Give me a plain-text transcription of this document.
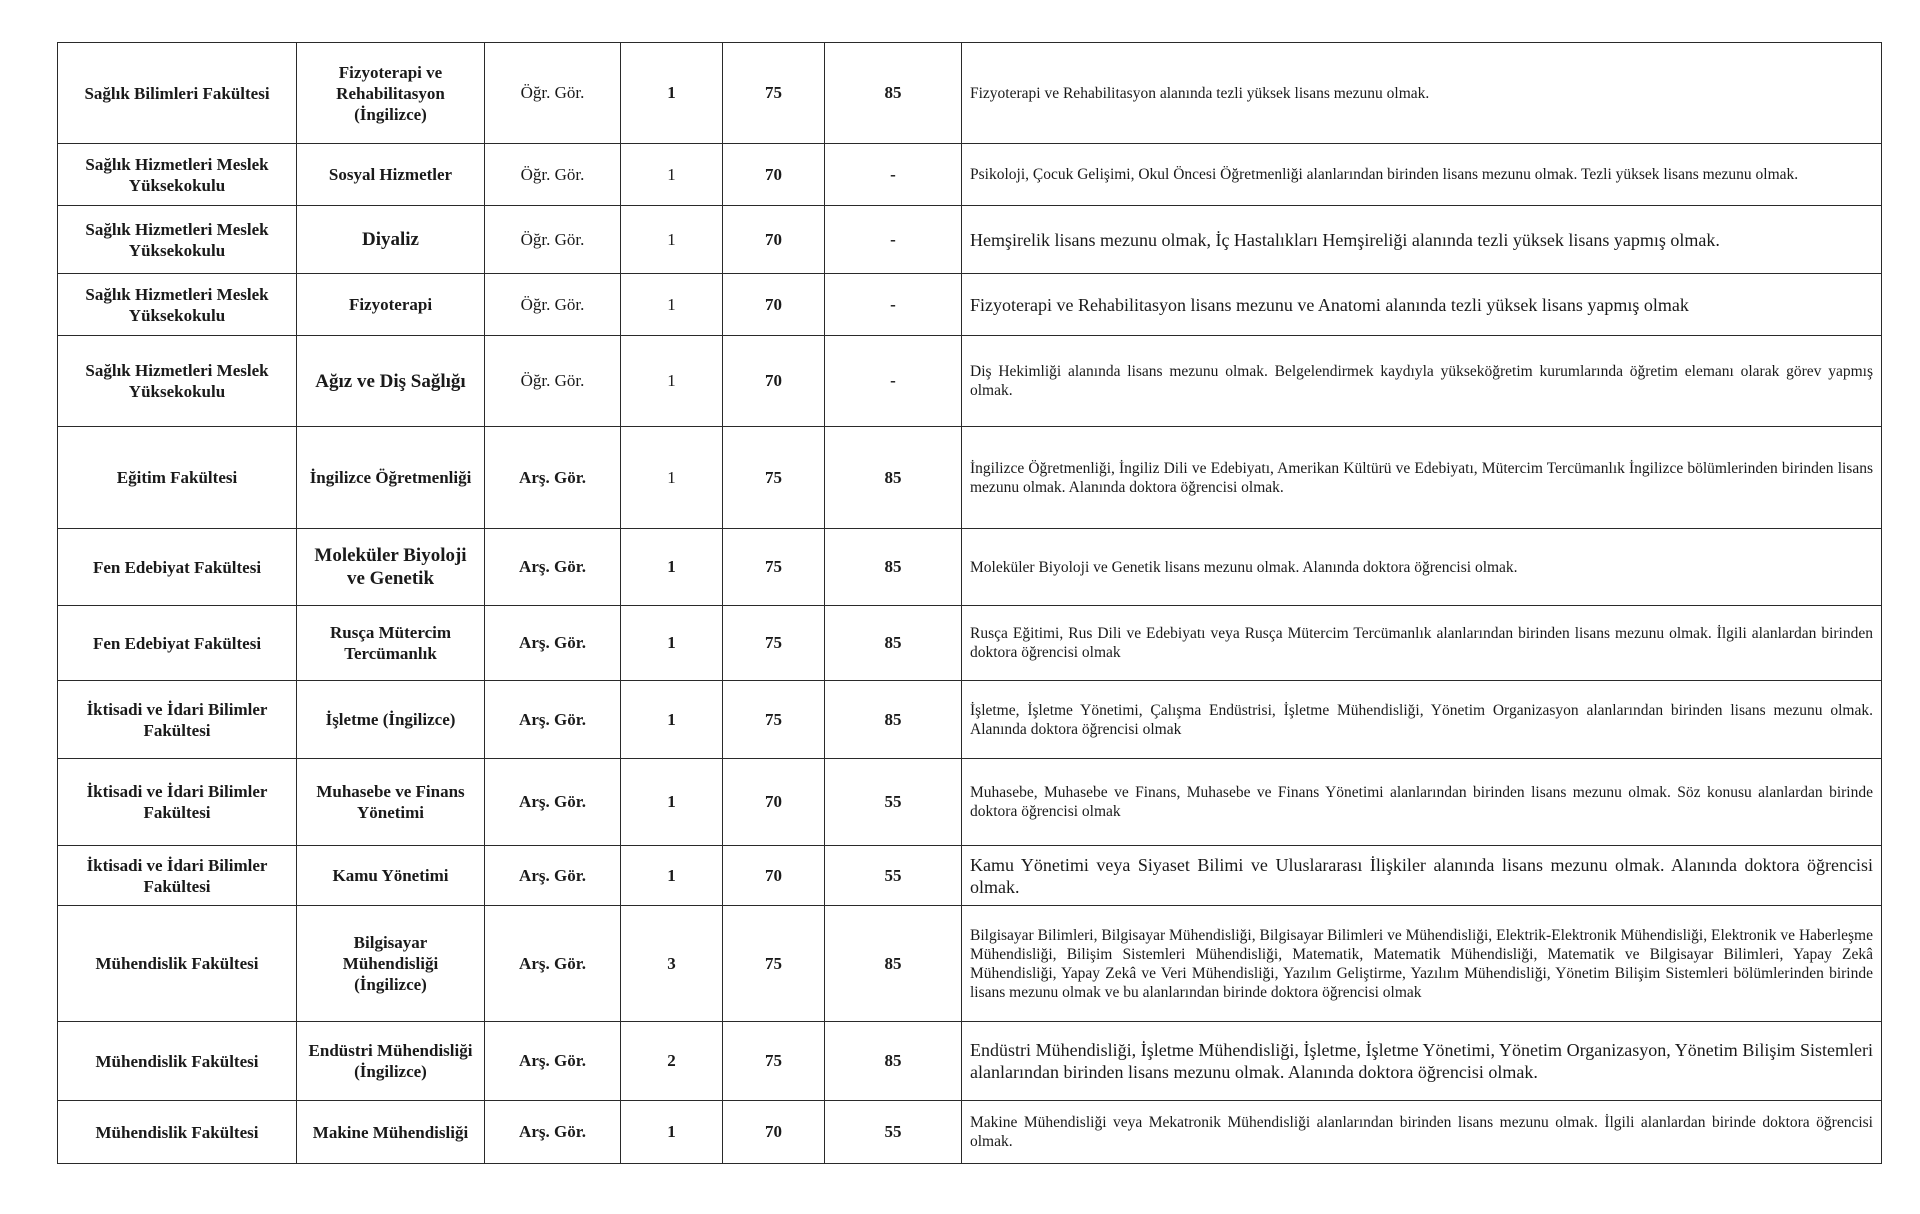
Sağlık Bilimleri Fakültesi	Fizyoterapi ve Rehabilitasyon (İngilizce)	Öğr. Gör.	1	75	85	Fizyoterapi ve Rehabilitasyon alanında tezli yüksek lisans mezunu olmak.
Sağlık Hizmetleri Meslek Yüksekokulu	Sosyal Hizmetler	Öğr. Gör.	1	70	-	Psikoloji, Çocuk Gelişimi, Okul Öncesi Öğretmenliği alanlarından birinden lisans mezunu olmak. Tezli yüksek lisans mezunu olmak.
Sağlık Hizmetleri Meslek Yüksekokulu	Diyaliz	Öğr. Gör.	1	70	-	Hemşirelik lisans mezunu olmak, İç Hastalıkları Hemşireliği alanında tezli yüksek lisans yapmış olmak.
Sağlık Hizmetleri Meslek Yüksekokulu	Fizyoterapi	Öğr. Gör.	1	70	-	Fizyoterapi ve Rehabilitasyon lisans mezunu ve Anatomi alanında tezli yüksek lisans yapmış olmak
Sağlık Hizmetleri Meslek Yüksekokulu	Ağız ve Diş Sağlığı	Öğr. Gör.	1	70	-	Diş Hekimliği alanında lisans mezunu olmak. Belgelendirmek kaydıyla yükseköğretim kurumlarında öğretim elemanı olarak görev yapmış olmak.
Eğitim Fakültesi	İngilizce Öğretmenliği	Arş. Gör.	1	75	85	İngilizce Öğretmenliği, İngiliz Dili ve Edebiyatı, Amerikan Kültürü ve Edebiyatı, Mütercim Tercümanlık İngilizce bölümlerinden birinden lisans mezunu olmak. Alanında doktora öğrencisi olmak.
Fen Edebiyat Fakültesi	Moleküler Biyoloji ve Genetik	Arş. Gör.	1	75	85	Moleküler Biyoloji ve Genetik lisans mezunu olmak. Alanında doktora öğrencisi olmak.
Fen Edebiyat Fakültesi	Rusça Mütercim Tercümanlık	Arş. Gör.	1	75	85	Rusça Eğitimi, Rus Dili ve Edebiyatı veya Rusça Mütercim Tercümanlık alanlarından birinden lisans mezunu olmak. İlgili alanlardan birinden doktora öğrencisi olmak
İktisadi ve İdari Bilimler Fakültesi	İşletme (İngilizce)	Arş. Gör.	1	75	85	İşletme, İşletme Yönetimi, Çalışma Endüstrisi, İşletme Mühendisliği, Yönetim Organizasyon alanlarından birinden lisans mezunu olmak. Alanında doktora öğrencisi olmak
İktisadi ve İdari Bilimler Fakültesi	Muhasebe ve Finans Yönetimi	Arş. Gör.	1	70	55	Muhasebe, Muhasebe ve Finans, Muhasebe ve Finans Yönetimi alanlarından birinden lisans mezunu olmak. Söz konusu alanlardan birinde doktora öğrencisi olmak
İktisadi ve İdari Bilimler Fakültesi	Kamu Yönetimi	Arş. Gör.	1	70	55	Kamu Yönetimi veya Siyaset Bilimi ve Uluslararası İlişkiler alanında lisans mezunu olmak. Alanında doktora öğrencisi olmak.
Mühendislik Fakültesi	Bilgisayar Mühendisliği (İngilizce)	Arş. Gör.	3	75	85	Bilgisayar Bilimleri, Bilgisayar Mühendisliği, Bilgisayar Bilimleri ve Mühendisliği, Elektrik-Elektronik Mühendisliği, Elektronik ve Haberleşme Mühendisliği, Bilişim Sistemleri Mühendisliği, Matematik, Matematik Mühendisliği, Matematik ve Bilgisayar Bilimleri, Yapay Zekâ Mühendisliği, Yapay Zekâ ve Veri Mühendisliği, Yazılım Geliştirme, Yazılım Mühendisliği, Yönetim Bilişim Sistemleri bölümlerinden birinde lisans mezunu olmak ve bu alanlarından birinde doktora öğrencisi olmak
Mühendislik Fakültesi	Endüstri Mühendisliği (İngilizce)	Arş. Gör.	2	75	85	Endüstri Mühendisliği, İşletme Mühendisliği, İşletme, İşletme Yönetimi, Yönetim Organizasyon, Yönetim Bilişim Sistemleri alanlarından birinden lisans mezunu olmak. Alanında doktora öğrencisi olmak.
Mühendislik Fakültesi	Makine Mühendisliği	Arş. Gör.	1	70	55	Makine Mühendisliği veya Mekatronik Mühendisliği alanlarından birinden lisans mezunu olmak. İlgili alanlardan birinde doktora öğrencisi olmak.
